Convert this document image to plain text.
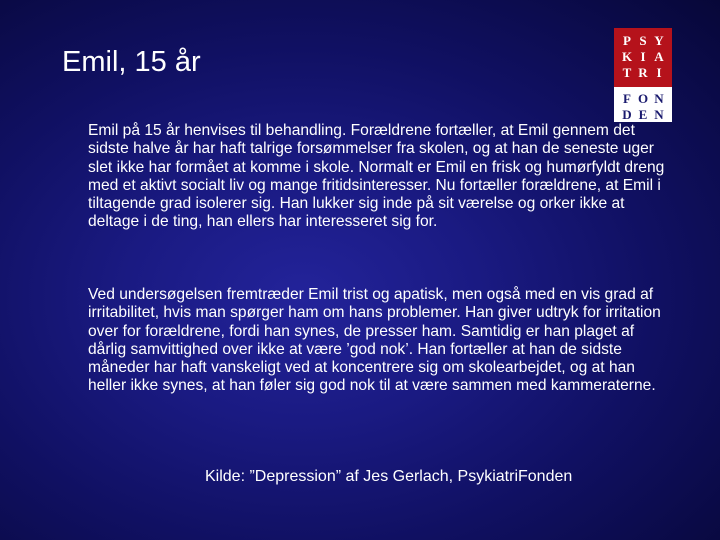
Emil, 15 år
P S Y
K I A
T R I
F O N
D E N

Emil på 15 år henvises til behandling. Forældrene fortæller, at Emil gennem det sidste halve år har haft talrige forsømmelser fra skolen, og at han de seneste uger slet ikke har formået at komme i skole. Normalt er Emil en frisk og humørfyldt dreng med et aktivt socialt liv og mange fritidsinteresser. Nu fortæller forældrene, at Emil i tiltagende grad isolerer sig. Han lukker sig inde på sit værelse og orker ikke at deltage i de ting, han ellers har interesseret sig for.

Ved undersøgelsen fremtræder Emil trist og apatisk, men også med en vis grad af irritabilitet, hvis man spørger ham om hans problemer. Han giver udtryk for irritation over for forældrene, fordi han synes, de presser ham. Samtidig er han plaget af dårlig samvittighed over ikke at være ’god nok’. Han fortæller at han de sidste måneder har haft vanskeligt ved at koncentrere sig om skolearbejdet, og at han heller ikke synes, at han føler sig god nok til at være sammen med kammeraterne.

Kilde: ”Depression” af Jes Gerlach, PsykiatriFonden
